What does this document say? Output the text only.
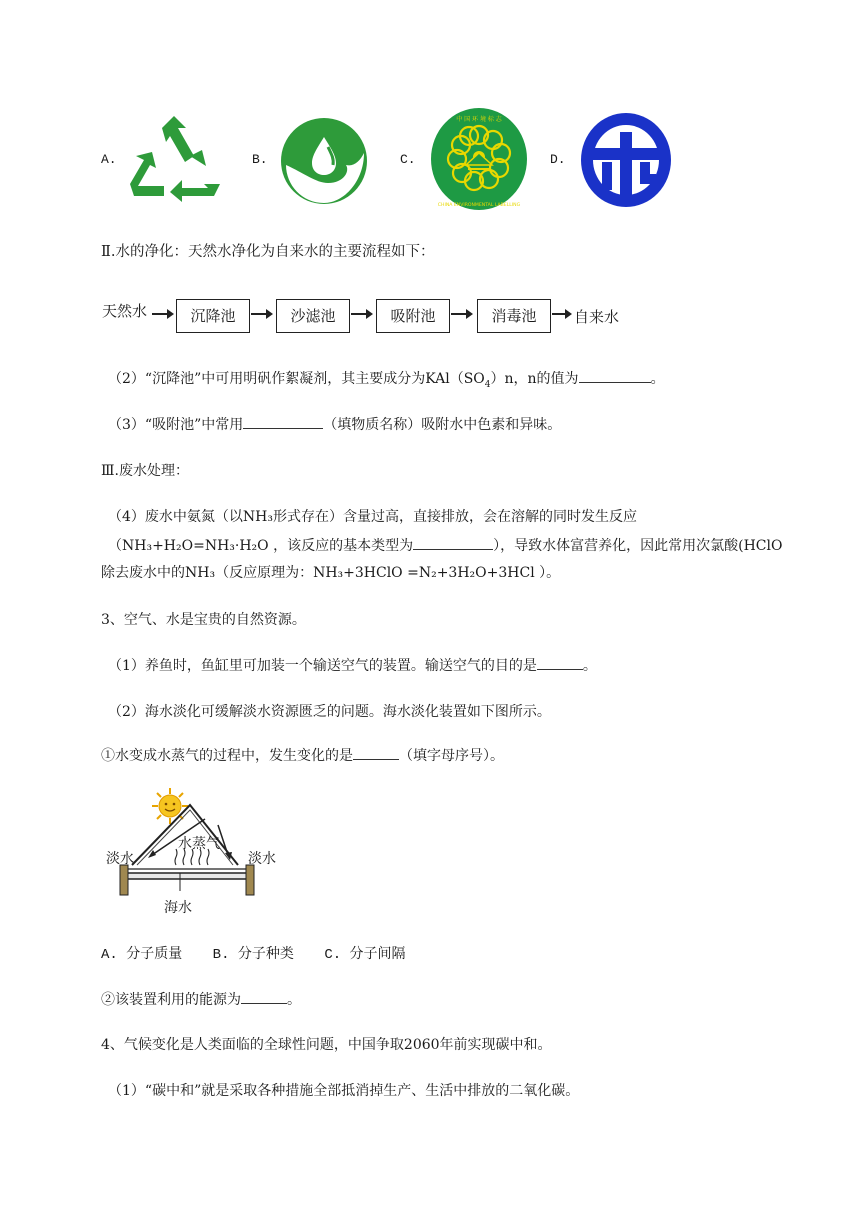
A.	B.	C.
中 国 环 境 标 志
CHINA ENVIRONMENTAL LABELLING
D.
Ⅱ.水的净化：天然水净化为自来水的主要流程如下：
天然水	沉降池	沙滤池	吸附池	消毒池	自来水
（2）“沉降池”中可用明矾作絮凝剂，其主要成分为$KAl(SO_4)n$，n的值为	。
（3）“吸附池”中常用	（填物质名称）吸附水中色素和异味。
Ⅲ.废水处理：
（4）废水中氨氮（以NH₃形式存在）含量过高，直接排放，会在溶解的同时发生反应
（NH₃+H₂O=NH₃·H₂O ，该反应的基本类型为	），导致水体富营养化，因此常用次氯酸(HClO
除去废水中的NH₃（反应原理为：NH₃+3HClO =N₂+3H₂O+3HCl ）。
3、空气、水是宝贵的自然资源。
（1）养鱼时，鱼缸里可加装一个输送空气的装置。输送空气的目的是	。
（2）海水淡化可缓解淡水资源匮乏的问题。海水淡化装置如下图所示。
①水变成水蒸气的过程中，发生变化的是	（填字母序号）。
淡水
水蒸气
淡水
海水
A. 分子质量 B. 分子种类 C. 分子间隔
②该装置利用的能源为	。
4、气候变化是人类面临的全球性问题，中国争取2060年前实现碳中和。
（1）“碳中和”就是采取各种措施全部抵消掉生产、生活中排放的二氧化碳。
